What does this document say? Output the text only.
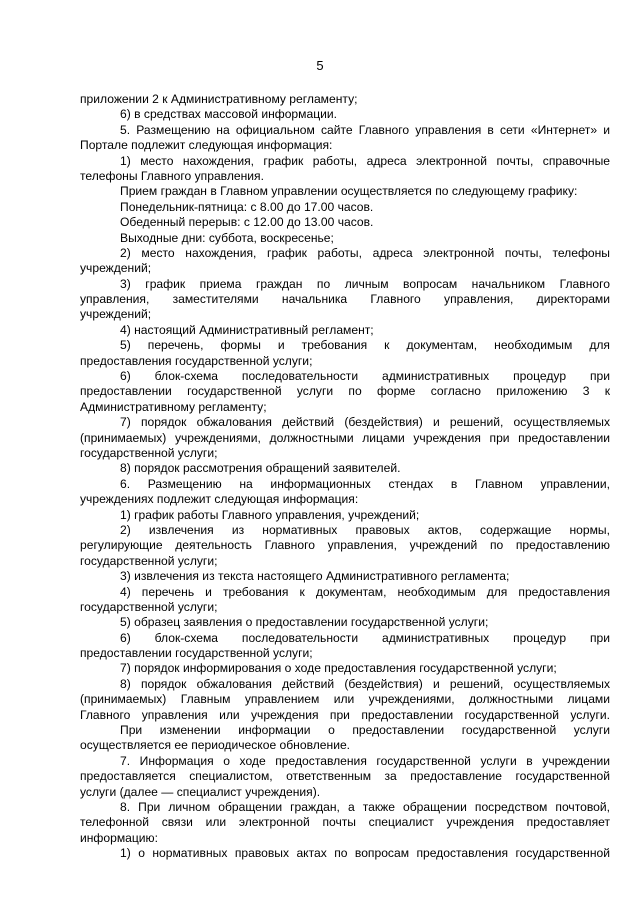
5
приложении 2 к Административному регламенту;
6) в средствах массовой информации.
5. Размещению на официальном сайте Главного управления в сети «Интернет» и
Портале подлежит следующая информация:
1) место нахождения, график работы, адреса электронной почты, справочные
телефоны Главного управления.
Прием граждан в Главном управлении осуществляется по следующему графику:
Понедельник-пятница: с 8.00 до 17.00 часов.
Обеденный перерыв: с 12.00 до 13.00 часов.
Выходные дни: суббота, воскресенье;
2) место нахождения, график работы, адреса электронной почты, телефоны
учреждений;
3) график приема граждан по личным вопросам начальником Главного
управления, заместителями начальника Главного управления, директорами
учреждений;
4) настоящий Административный регламент;
5) перечень, формы и требования к документам, необходимым для
предоставления государственной услуги;
6) блок-схема последовательности административных процедур при
предоставлении государственной услуги по форме согласно приложению 3 к
Административному регламенту;
7) порядок обжалования действий (бездействия) и решений, осуществляемых
(принимаемых) учреждениями, должностными лицами учреждения при предоставлении
государственной услуги;
8) порядок рассмотрения обращений заявителей.
6. Размещению на информационных стендах в Главном управлении,
учреждениях подлежит следующая информация:
1) график работы Главного управления, учреждений;
2) извлечения из нормативных правовых актов, содержащие нормы,
регулирующие деятельность Главного управления, учреждений по предоставлению
государственной услуги;
3) извлечения из текста настоящего Административного регламента;
4) перечень и требования к документам, необходимым для предоставления
государственной услуги;
5) образец заявления о предоставлении государственной услуги;
6) блок-схема последовательности административных процедур при
предоставлении государственной услуги;
7) порядок информирования о ходе предоставления государственной услуги;
8) порядок обжалования действий (бездействия) и решений, осуществляемых
(принимаемых) Главным управлением или учреждениями, должностными лицами
Главного управления или учреждения при предоставлении государственной услуги.
При изменении информации о предоставлении государственной услуги
осуществляется ее периодическое обновление.
7. Информация о ходе предоставления государственной услуги в учреждении
предоставляется специалистом, ответственным за предоставление государственной
услуги (далее — специалист учреждения).
8. При личном обращении граждан, а также обращении посредством почтовой,
телефонной связи или электронной почты специалист учреждения предоставляет
информацию:
1) о нормативных правовых актах по вопросам предоставления государственной
